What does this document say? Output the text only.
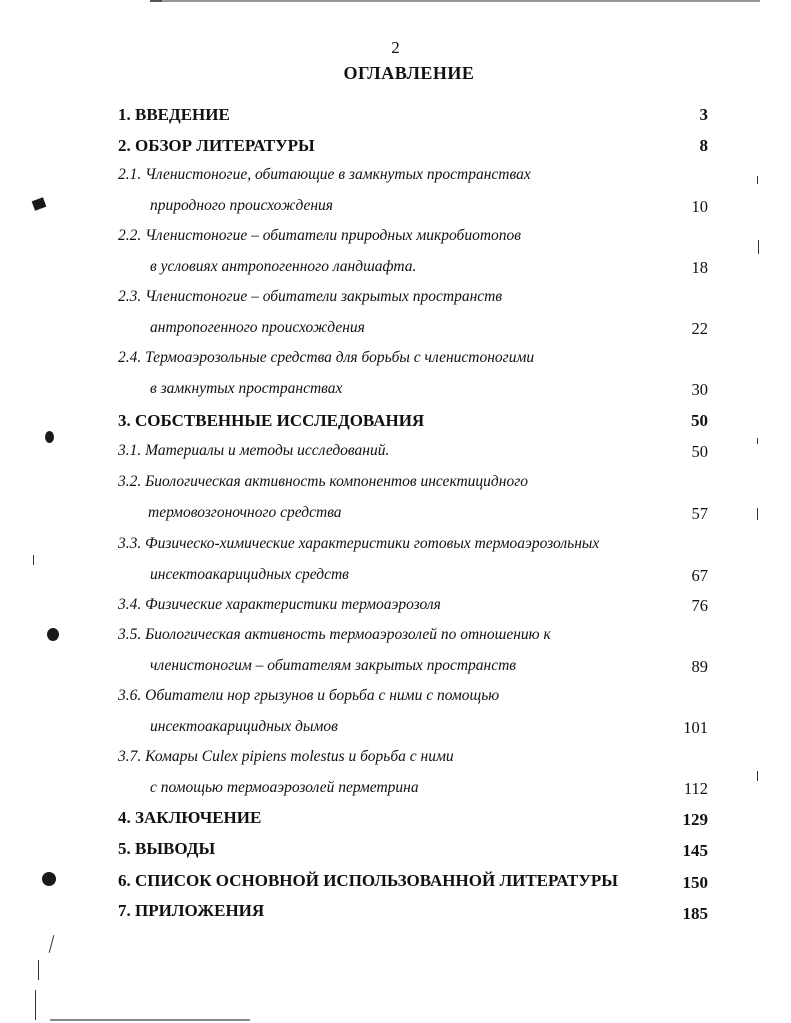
2
ОГЛАВЛЕНИЕ
1. ВВЕДЕНИЕ	3
2. ОБЗОР ЛИТЕРАТУРЫ	8
2.1. Членистоногие, обитающие в замкнутых пространствах
природного происхождения	10
2.2. Членистоногие – обитатели природных микробиотопов
в условиях антропогенного ландшафта.	18
2.3. Членистоногие – обитатели закрытых пространств
антропогенного происхождения	22
2.4. Термоаэрозольные средства для борьбы с членистоногими
в замкнутых пространствах	30
3. СОБСТВЕННЫЕ ИССЛЕДОВАНИЯ	50
3.1. Материалы и методы исследований.	50
3.2. Биологическая активность компонентов инсектицидного
термовозгоночного средства	57
3.3. Физическо-химические характеристики готовых термоаэрозольных
инсектоакарицидных средств	67
3.4. Физические характеристики термоаэрозоля	76
3.5. Биологическая активность термоаэрозолей по отношению к
членистоногим – обитателям закрытых пространств	89
3.6. Обитатели нор грызунов и борьба с ними с помощью
инсектоакарицидных дымов	101
3.7. Комары Culex pipiens molestus и борьба с ними
с помощью термоаэрозолей перметрина	112
4. ЗАКЛЮЧЕНИЕ	129
5. ВЫВОДЫ	145
6. СПИСОК ОСНОВНОЙ ИСПОЛЬЗОВАННОЙ ЛИТЕРАТУРЫ	150
7. ПРИЛОЖЕНИЯ	185
